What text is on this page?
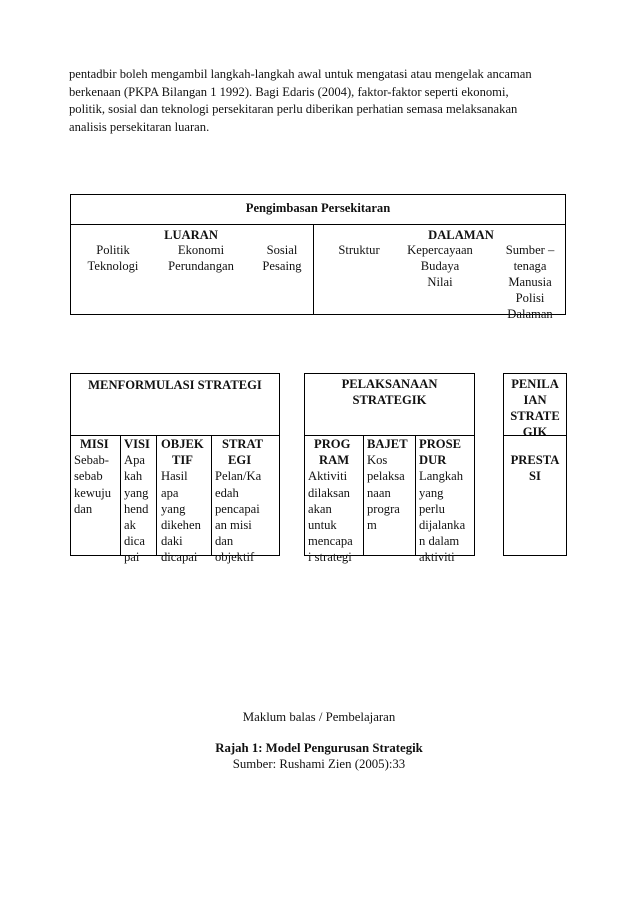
pentadbir boleh mengambil langkah-langkah awal untuk mengatasi atau mengelak ancaman
berkenaan (PKPA Bilangan 1 1992). Bagi Edaris (2004), faktor-faktor seperti ekonomi,
politik, sosial dan teknologi persekitaran perlu diberikan perhatian semasa melaksanakan
analisis persekitaran luaran.
Pengimbasan Persekitaran
LUARAN	DALAMAN
Politik
Teknologi
Ekonomi
Perundangan
Sosial
Pesaing
Struktur	Kepercayaan
Budaya
Nilai
Sumber –
tenaga
Manusia
Polisi
Dalaman
MENFORMULASI STRATEGI
MISI
Sebab-
sebab
kewuju
dan
VISI
Apa
kah
yang
hend
ak
dica
pai
OBJEK
TIF
Hasil
apa
yang
dikehen
daki
dicapai
STRAT
EGI
Pelan/Ka
edah
pencapai
an misi
dan
objektif
PELAKSANAAN
STRATEGIK
PROG
RAM
Aktiviti
dilaksan
akan
untuk
mencapa
i strategi
BAJET
Kos
pelaksa
naan
progra
m
PROSE
DUR
Langkah
yang
perlu
dijalanka
n dalam
aktiviti
PENILA
IAN
STRATE
GIK
PRESTA
SI
Maklum balas / Pembelajaran
Rajah 1: Model Pengurusan Strategik
Sumber: Rushami Zien (2005):33
